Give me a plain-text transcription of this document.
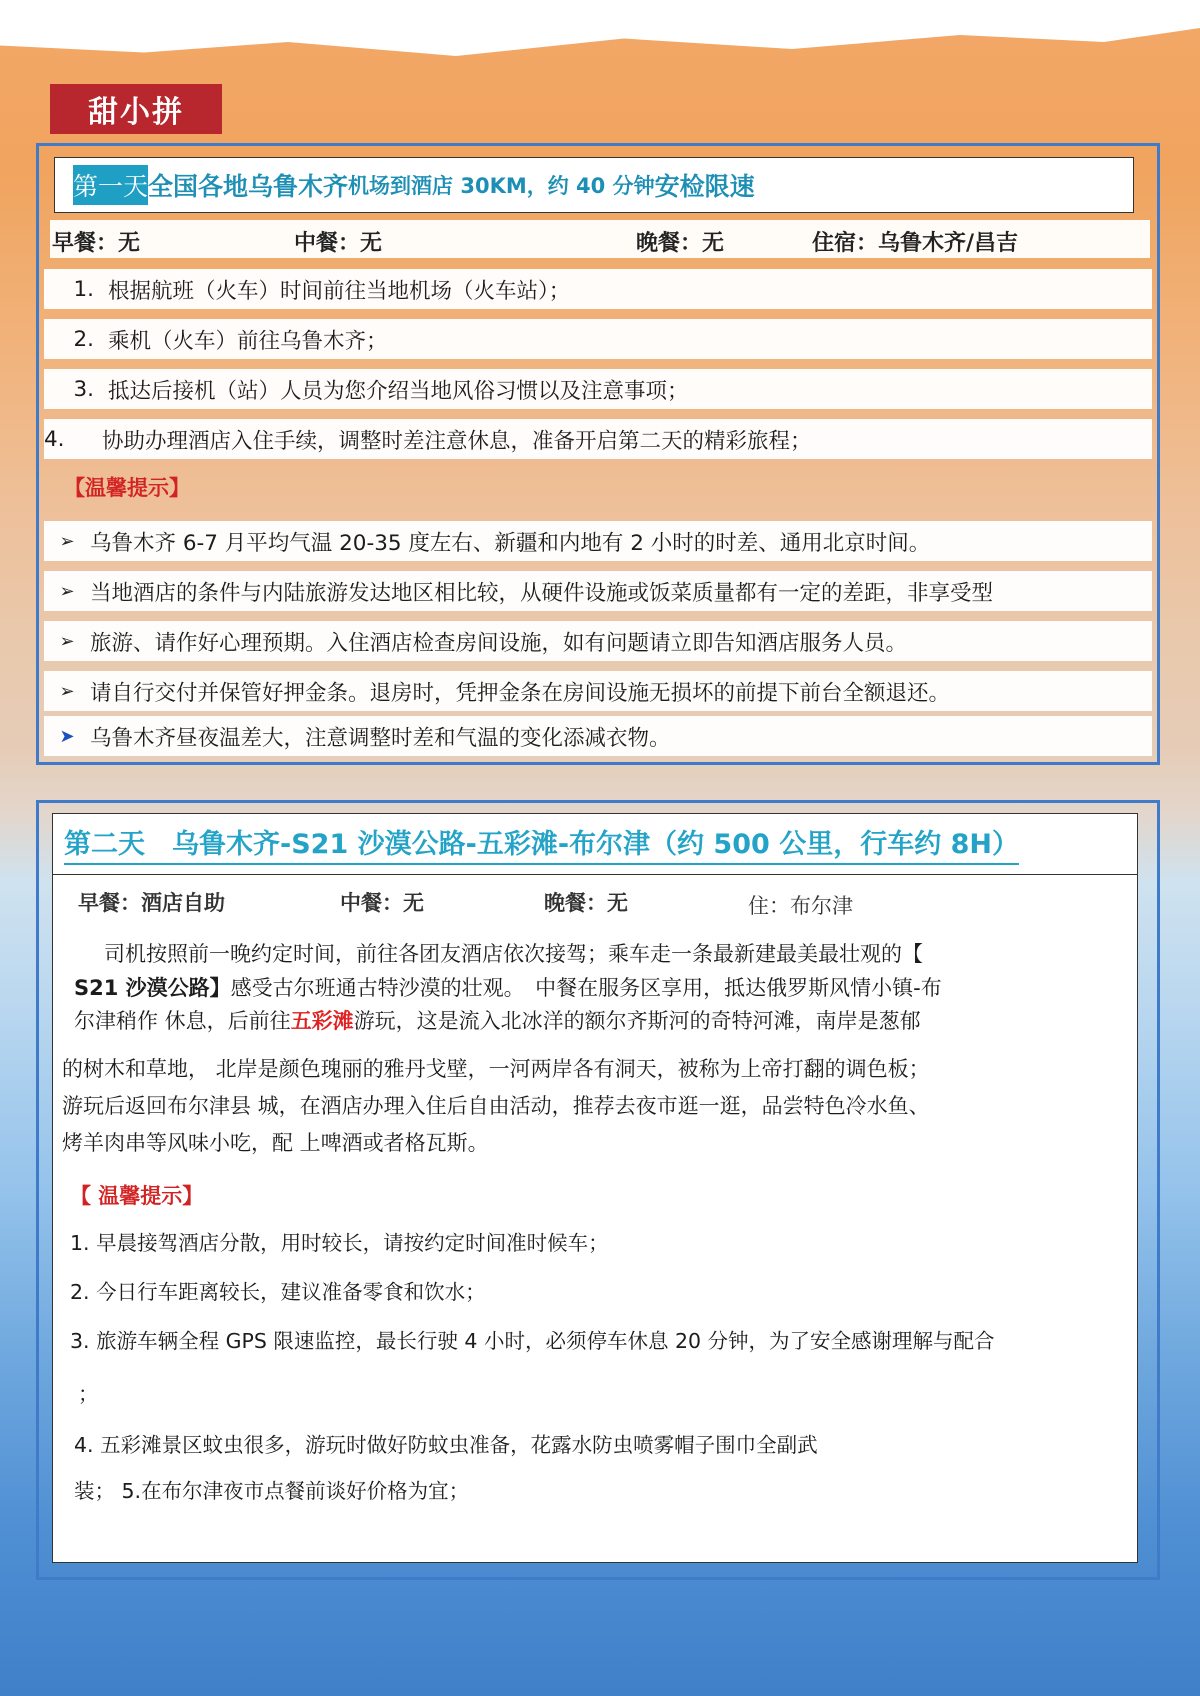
甜小拼
第一天 全国各地乌鲁木齐 机场到酒店 30KM，约 40 分钟 安检限速
早餐：无	中餐：无	晚餐：无	住宿：乌鲁木齐/昌吉
1. 根据航班（火车）时间前往当地机场（火车站）；
2. 乘机（火车）前往乌鲁木齐；
3. 抵达后接机（站）人员为您介绍当地风俗习惯以及注意事项；
4.	协助办理酒店入住手续，调整时差注意休息，准备开启第二天的精彩旅程；
【温馨提示】
➢ 乌鲁木齐 6-7 月平均气温 20-35 度左右、新疆和内地有 2 小时的时差、通用北京时间。
➢ 当地酒店的条件与内陆旅游发达地区相比较，从硬件设施或饭菜质量都有一定的差距，非享受型
➢ 旅游、请作好心理预期。入住酒店检查房间设施，如有问题请立即告知酒店服务人员。
➢ 请自行交付并保管好押金条。退房时，凭押金条在房间设施无损坏的前提下前台全额退还。
➤ 乌鲁木齐昼夜温差大，注意调整时差和气温的变化添减衣物。
第二天　乌鲁木齐-S21 沙漠公路-五彩滩-布尔津（约 500 公里，行车约 8H）
早餐：酒店自助	中餐：无	晚餐：无	住：布尔津
司机按照前一晚约定时间，前往各团友酒店依次接驾；乘车走一条最新建最美最壮观的【
S21 沙漠公路】感受古尔班通古特沙漠的壮观。　中餐在服务区享用，抵达俄罗斯风情小镇-布
尔津稍作 休息，后前往五彩滩游玩，这是流入北冰洋的额尔齐斯河的奇特河滩，南岸是葱郁
的树木和草地， 北岸是颜色瑰丽的雅丹戈壁，一河两岸各有洞天，被称为上帝打翻的调色板；
游玩后返回布尔津县 城，在酒店办理入住后自由活动，推荐去夜市逛一逛，品尝特色冷水鱼、
烤羊肉串等风味小吃，配 上啤酒或者格瓦斯。
【 温馨提示】
1. 早晨接驾酒店分散，用时较长，请按约定时间准时候车；
2. 今日行车距离较长，建议准备零食和饮水；
3. 旅游车辆全程 GPS 限速监控，最长行驶 4 小时，必须停车休息 20 分钟，为了安全感谢理解与配合
；
4. 五彩滩景区蚊虫很多，游玩时做好防蚊虫准备，花露水防虫喷雾帽子围巾全副武
装； 5.在布尔津夜市点餐前谈好价格为宜；
